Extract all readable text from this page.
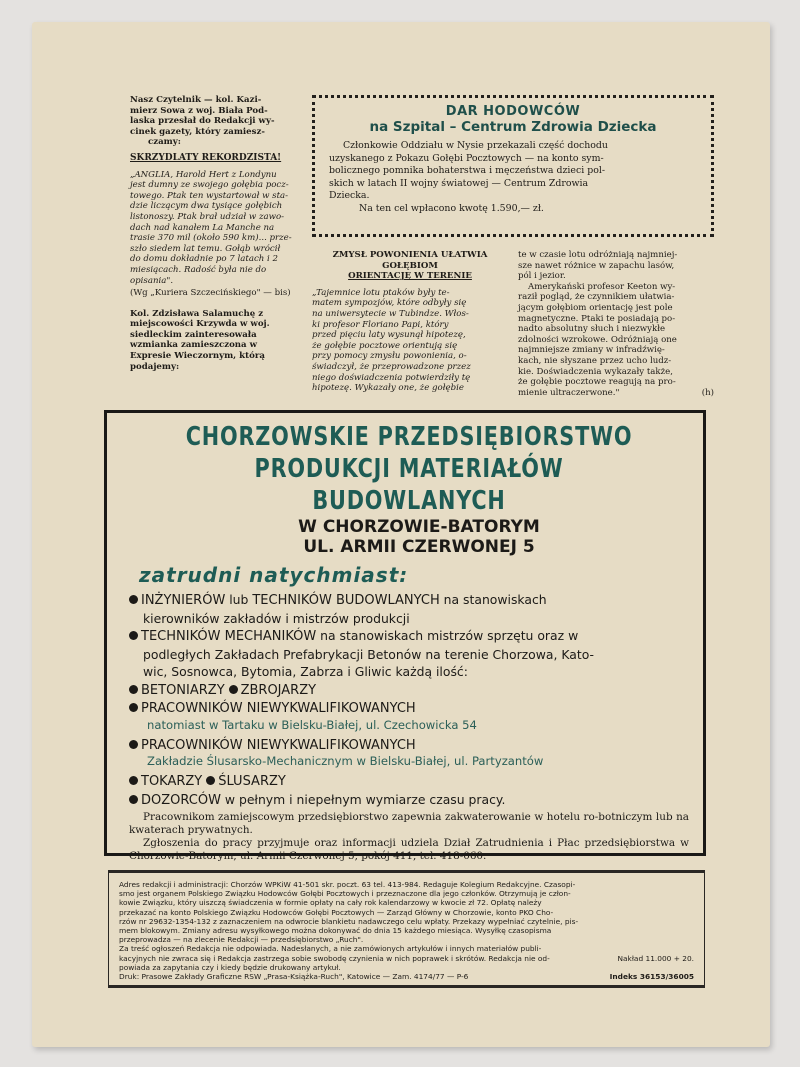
Nasz Czytelnik — kol. Kazi-
mierz Sowa z woj. Biała Pod-
laska przesłał do Redakcji wy-
cinek gazety, który zamiesz-
czamy:
SKRZYDLATY REKORDZISTA!
„ANGLIA, Harold Hert z Londynu
jest dumny ze swojego gołębia pocz-
towego. Ptak ten wystartował w sta-
dzie liczącym dwa tysiące gołębich
listonoszy. Ptak brał udział w zawo-
dach nad kanałem La Manche na
trasie 370 mil (około 590 km)... prze-
szło siedem lat temu. Gołąb wrócił
do domu dokładnie po 7 latach i 2
miesiącach. Radość była nie do
opisania".
(Wg „Kuriera Szczecińskiego" — bis)
Kol. Zdzisława Salamuchę z
miejscowości Krzywda w woj.
siedleckim zainteresowała
wzmianka zamieszczona w
Expresie Wieczornym, którą
podajemy:
DAR HODOWCÓW
na Szpital – Centrum Zdrowia Dziecka
Członkowie Oddziału w Nysie przekazali część dochodu
uzyskanego z Pokazu Gołębi Pocztowych — na konto sym-
bolicznego pomnika bohaterstwa i męczeństwa dzieci pol-
skich w latach II wojny światowej — Centrum Zdrowia
Dziecka.
Na ten cel wpłacono kwotę 1.590,— zł.
ZMYSŁ POWONIENIA UŁATWIA
GOŁĘBIOM
ORIENTACJĘ W TERENIE
„Tajemnice lotu ptaków były te-
matem sympozjów, które odbyły się
na uniwersytecie w Tubindze. Włos-
ki profesor Floriano Papi, który
przed pięciu laty wysunął hipotezę,
że gołębie pocztowe orientują się
przy pomocy zmysłu powonienia, o-
świadczył, że przeprowadzone przez
niego doświadczenia potwierdziły tę
hipotezę. Wykazały one, że gołębie
te w czasie lotu odróżniają najmniej-
sze nawet różnice w zapachu lasów,
pól i jezior.
Amerykański profesor Keeton wy-
raził pogląd, że czynnikiem ułatwia-
jącym gołębiom orientację jest pole
magnetyczne. Ptaki te posiadają po-
nadto absolutny słuch i niezwykłe
zdolności wzrokowe. Odróżniają one
najmniejsze zmiany w infradźwię-
kach, nie słyszane przez ucho ludz-
kie. Doświadczenia wykazały także,
że gołębie pocztowe reagują na pro-
mienie ultraczerwone."	(h)
CHORZOWSKIE PRZEDSIĘBIORSTWO
PRODUKCJI MATERIAŁÓW BUDOWLANYCH
W CHORZOWIE-BATORYM
UL. ARMII CZERWONEJ 5
zatrudni natychmiast:
INŻYNIERÓW lub TECHNIKÓW BUDOWLANYCH na stanowiskach
kierowników zakładów i mistrzów produkcji
TECHNIKÓW MECHANIKÓW na stanowiskach mistrzów sprzętu oraz w
podległych Zakładach Prefabrykacji Betonów na terenie Chorzowa, Kato-
wic, Sosnowca, Bytomia, Zabrza i Gliwic każdą ilość:
BETONIARZY ZBROJARZY
PRACOWNIKÓW NIEWYKWALIFIKOWANYCH
natomiast w Tartaku w Bielsku-Białej, ul. Czechowicka 54
PRACOWNIKÓW NIEWYKWALIFIKOWANYCH
Zakładzie Ślusarsko-Mechanicznym w Bielsku-Białej, ul. Partyzantów
TOKARZY ŚLUSARZY
DOZORCÓW w pełnym i niepełnym wymiarze czasu pracy.
Pracownikom zamiejscowym przedsiębiorstwo zapewnia zakwaterowanie w hotelu ro-botniczym lub na kwaterach prywatnych.
Zgłoszenia do pracy przyjmuje oraz informacji udziela Dział Zatrudnienia i Płac przedsiębiorstwa w Chorzowie-Batorym, ul. Armii Czerwonej 5, pokój 411, tel. 418-060.
Adres redakcji i administracji: Chorzów WPKiW 41-501 skr. poczt. 63 tel. 413-984. Redaguje Kolegium Redakcyjne. Czasopi-
smo jest organem Polskiego Związku Hodowców Gołębi Pocztowych i przeznaczone dla jego członków. Otrzymują je człon-
kowie Związku, który uiszczą świadczenia w formie opłaty na cały rok kalendarzowy w kwocie zł 72. Opłatę należy
przekazać na konto Polskiego Związku Hodowców Gołębi Pocztowych — Zarząd Główny w Chorzowie, konto PKO Cho-
rzów nr 29632-1354-132 z zaznaczeniem na odwrocie blankietu nadawczego celu wpłaty. Przekazy wypełniać czytelnie, pis-
mem blokowym. Zmiany adresu wysyłkowego można dokonywać do dnia 15 każdego miesiąca. Wysyłkę czasopisma
przeprowadza — na zlecenie Redakcji — przedsiębiorstwo „Ruch".
Za treść ogłoszeń Redakcja nie odpowiada. Nadesłanych, a nie zamówionych artykułów i innych materiałów publi-
kacyjnych nie zwraca się i Redakcja zastrzega sobie swobodę czynienia w nich poprawek i skrótów. Redakcja nie od-	Nakład 11.000 + 20.
powiada za zapytania czy i kiedy będzie drukowany artykuł.
Druk: Prasowe Zakłady Graficzne RSW „Prasa-Książka-Ruch", Katowice — Zam. 4174/77 — P-6	Indeks 36153/36005
